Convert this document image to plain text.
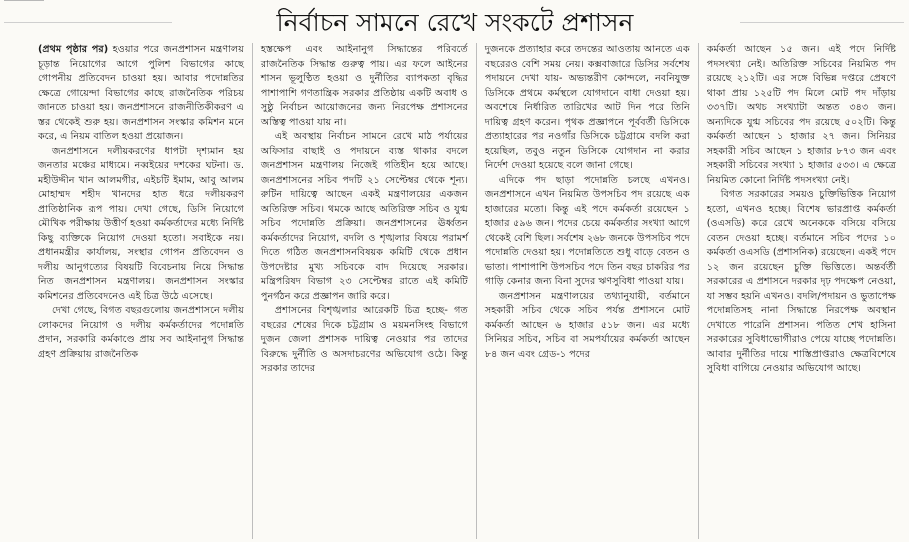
নির্বাচন সামনে রেখে সংকটে প্রশাসন

(প্রথম পৃষ্ঠার পর) হওয়ার পরে জনপ্রশাসন মন্ত্রণালয় চূড়ান্ত নিয়োগের আগে পুলিশ বিভাগের কাছে গোপনীয় প্রতিবেদন চাওয়া হয়। আবার পদোন্নতির ক্ষেত্রে গোয়েন্দা বিভাগের কাছে রাজনৈতিক পরিচয় জানতে চাওয়া হয়। জনপ্রশাসনে রাজনীতিকীকরণ এ স্তর থেকেই শুরু হয়। জনপ্রশাসন সংস্কার কমিশন মনে করে, এ নিয়ম বাতিল হওয়া প্রয়োজন।

জনপ্রশাসনে দলীয়করণের ধাপটা দৃশ্যমান হয় জনতার মঞ্চের মাধ্যমে। নব্বইয়ের দশকের ঘটনা। ড. মহীউদ্দীন খান আলমগীর, এইচটি ইমাম, আবু আলম মোহাম্মদ শহীদ খানদের হাত ধরে দলীয়করণ প্রাতিষ্ঠানিক রূপ পায়। দেখা গেছে, ডিসি নিয়োগে মৌখিক পরীক্ষায় উত্তীর্ণ হওয়া কর্মকর্তাদের মধ্যে নির্দিষ্ট কিছু ব্যক্তিকে নিয়োগ দেওয়া হতো। সবাইকে নয়। প্রধানমন্ত্রীর কার্যালয়, সংস্থার গোপন প্রতিবেদন ও দলীয় আনুগত্যের বিষয়টি বিবেচনায় নিয়ে সিদ্ধান্ত নিত জনপ্রশাসন মন্ত্রণালয়। জনপ্রশাসন সংস্কার কমিশনের প্রতিবেদনেও এই চিত্র উঠে এসেছে।

দেখা গেছে, বিগত বছরগুলোয় জনপ্রশাসনে দলীয় লোকদের নিয়োগ ও দলীয় কর্মকর্তাদের পদোন্নতি প্রদান, সরকারি কর্মকাণ্ডে প্রায় সব আইনানুগ সিদ্ধান্ত গ্রহণ প্রক্রিয়ায় রাজনৈতিক

হস্তক্ষেপ এবং আইনানুগ সিদ্ধান্তের পরিবর্তে রাজনৈতিক সিদ্ধান্ত গুরুত্ব পায়। এর ফলে আইনের শাসন ভূলুণ্ঠিত হওয়া ও দুর্নীতির ব্যাপকতা বৃদ্ধির পাশাপাশি গণতান্ত্রিক সরকার প্রতিষ্ঠায় একটি অবাধ ও সুষ্ঠু নির্বাচন আয়োজনের জন্য নিরপেক্ষ প্রশাসনের অস্তিত্ব পাওয়া যায় না।

এই অবস্থায় নির্বাচন সামনে রেখে মাঠ পর্যায়ের অফিসার বাছাই ও পদায়নে ব্যস্ত থাকার বদলে জনপ্রশাসন মন্ত্রণালয় নিজেই গতিহীন হয়ে আছে। জনপ্রশাসনের সচিব পদটি ২১ সেপ্টেম্বর থেকে শূন্য। রুটিন দায়িত্বে আছেন একই মন্ত্রণালয়ের একজন অতিরিক্ত সচিব। থমকে আছে অতিরিক্ত সচিব ও যুগ্ম সচিব পদোন্নতি প্রক্রিয়া। জনপ্রশাসনের ঊর্ধ্বতন কর্মকর্তাদের নিয়োগ, বদলি ও শৃঙ্খলার বিষয়ে পরামর্শ দিতে গঠিত জনপ্রশাসনবিষয়ক কমিটি থেকে প্রধান উপদেষ্টার মুখ্য সচিবকে বাদ দিয়েছে সরকার। মন্ত্রিপরিষদ বিভাগ ২৩ সেপ্টেম্বর রাতে এই কমিটি পুনর্গঠন করে প্রজ্ঞাপন জারি করে।

প্রশাসনের বিশৃঙ্খলার আরেকটি চিত্র হচ্ছে- গত বছরের শেষের দিকে চট্টগ্রাম ও ময়মনসিংহ বিভাগে দুজন জেলা প্রশাসক দায়িত্ব নেওয়ার পর তাদের বিরুদ্ধে দুর্নীতি ও অসদাচরণের অভিযোগ ওঠে। কিন্তু সরকার তাদের

দুজনকে প্রত্যাহার করে তদন্তের আওতায় আনতে এক বছরেরও বেশি সময় নেয়। কক্সবাজারে ডিসির সর্বশেষ পদায়নে দেখা যায়- অভ্যন্তরীণ কোন্দলে, নবনিযুক্ত ডিসিকে প্রথমে কর্মস্থলে যোগদানে বাধা দেওয়া হয়। অবশেষে নির্ধারিত তারিখের আট দিন পরে তিনি দায়িত্ব গ্রহণ করেন। পৃথক প্রজ্ঞাপনে পূর্ববর্তী ডিসিকে প্রত্যাহারের পর নওগাঁর ডিসিকে চট্টগ্রামে বদলি করা হয়েছিল, তবুও নতুন ডিসিকে যোগদান না করার নির্দেশ দেওয়া হয়েছে বলে জানা গেছে।

এদিকে পদ ছাড়া পদোন্নতি চলছে এখনও। জনপ্রশাসনে এখন নিয়মিত উপসচিব পদ রয়েছে এক হাজারের মতো। কিন্তু এই পদে কর্মকর্তা রয়েছেন ১ হাজার ৫৯৬ জন। পদের চেয়ে কর্মকর্তার সংখ্যা আগে থেকেই বেশি ছিল। সর্বশেষ ২৬৮ জনকে উপসচিব পদে পদোন্নতি দেওয়া হয়। পদোন্নতিতে শুধু বাড়ে বেতন ও ভাতা। পাশাপাশি উপসচিব পদে তিন বছর চাকরির পর গাড়ি কেনার জন্য বিনা সুদের ঋণসুবিধা পাওয়া যায়।

জনপ্রশাসন মন্ত্রণালয়ের তথ্যানুযায়ী, বর্তমানে সহকারী সচিব থেকে সচিব পর্যন্ত প্রশাসনে মোট কর্মকর্তা আছেন ৬ হাজার ৫১৮ জন। এর মধ্যে সিনিয়র সচিব, সচিব বা সমপর্যায়ের কর্মকর্তা আছেন ৮৪ জন এবং গ্রেড-১ পদের

কর্মকর্তা আছেন ১৫ জন। এই পদে নির্দিষ্ট পদসংখ্যা নেই। অতিরিক্ত সচিবের নিয়মিত পদ রয়েছে ২১২টি। এর সঙ্গে বিভিন্ন দপ্তরে প্রেষণে থাকা প্রায় ১২৫টি পদ মিলে মোট পদ দাঁড়ায় ৩৩৭টি। অথচ সংখ্যাটা অন্তত ৩৪৩ জন। অন্যদিকে যুগ্ম সচিবের পদ রয়েছে ৫০২টি। কিন্তু কর্মকর্তা আছেন ১ হাজার ২৭ জন। সিনিয়র সহকারী সচিব আছেন ১ হাজার ৮৭৩ জন এবং সহকারী সচিবের সংখ্যা ১ হাজার ৫৩৩। এ ক্ষেত্রে নিয়মিত কোনো নির্দিষ্ট পদসংখ্যা নেই।

বিগত সরকারের সময়ও চুক্তিভিত্তিক নিয়োগ হতো, এখনও হচ্ছে। বিশেষ ভারপ্রাপ্ত কর্মকর্তা (ওএসডি) করে রেখে অনেককে বসিয়ে বসিয়ে বেতন দেওয়া হচ্ছে। বর্তমানে সচিব পদের ১০ কর্মকর্তা ওএসডি (প্রশাসনিক) রয়েছেন। একই পদে ১২ জন রয়েছেন চুক্তি ভিত্তিতে। অন্তর্বর্তী সরকারের এ প্রশাসনে দরকার দৃঢ় পদক্ষেপ নেওয়া, যা সম্ভব হয়নি এখনও। বদলি/পদায়ন ও ভুতাপেক্ষ পদোন্নতিসহ নানা সিদ্ধান্তে নিরপেক্ষ অবস্থান দেখাতে পারেনি প্রশাসন। পতিত শেখ হাসিনা সরকারের সুবিধাভোগীরাও পেয়ে যাচ্ছে পদোন্নতি। আবার দুর্নীতির দায়ে শাস্তিপ্রাপ্তরাও ক্ষেত্রবিশেষে সুবিধা বাগিয়ে নেওয়ার অভিযোগ আছে।
